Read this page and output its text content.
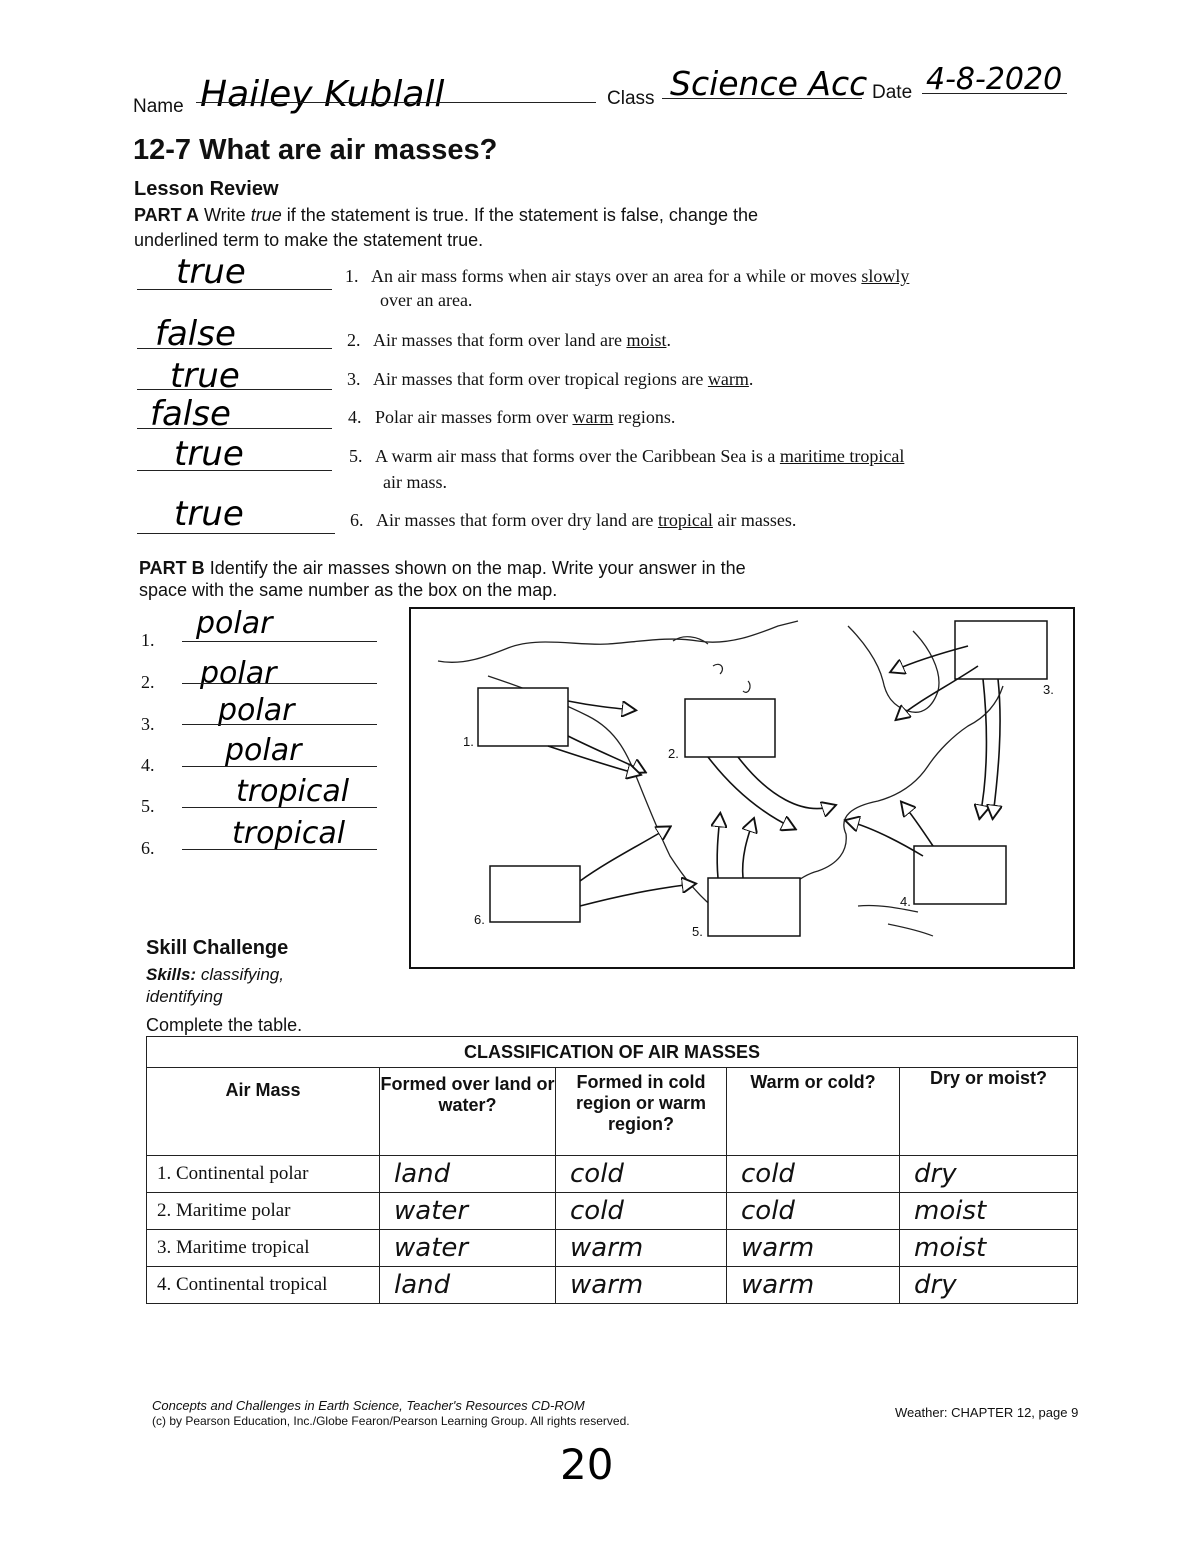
Name Hailey Kublall	Class Science Acc Date 4-8-2020
12-7 What are air masses?
Lesson Review
PART A Write true if the statement is true. If the statement is false, change the
underlined term to make the statement true.
true	1. An air mass forms when air stays over an area for a while or moves slowly
over an area.
false	2. Air masses that form over land are moist.
true	3. Air masses that form over tropical regions are warm.
false	4. Polar air masses form over warm regions.
true	5. A warm air mass that forms over the Caribbean Sea is a maritime tropical
air mass.
true	6. Air masses that form over dry land are tropical air masses.
PART B Identify the air masses shown on the map. Write your answer in the
space with the same number as the box on the map.
1. polar
2. polar
3. polar
4. polar
5.	tropical
6.	tropical
1.
2.
3.
4.
5.
6.
Skill Challenge
Skills: classifying,
identifying
Complete the table.
CLASSIFICATION OF AIR MASSES				
Air Mass	Formed over land or water?	Formed in cold region or warm region?	Warm or cold?	Dry or moist?
1. Continental polar	land	cold	cold	dry
2. Maritime polar	water	cold	cold	moist
3. Maritime tropical	water	warm	warm	moist
4. Continental tropical	land	warm	warm	dry
Concepts and Challenges in Earth Science, Teacher's Resources CD-ROM
(c) by Pearson Education, Inc./Globe Fearon/Pearson Learning Group. All rights reserved.
Weather: CHAPTER 12, page 9
20
